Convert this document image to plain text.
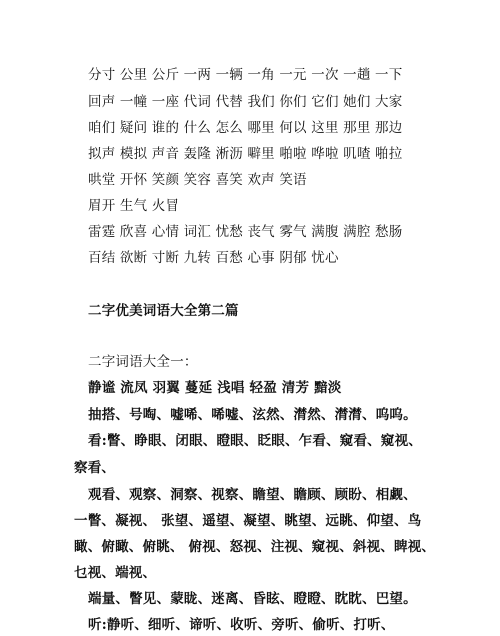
分寸 公里 公斤 一两 一辆 一角 一元 一次 一趟 一下
回声 一幢 一座 代词 代替 我们 你们 它们 她们 大家
咱们 疑问 谁的 什么 怎么 哪里 何以 这里 那里 那边
拟声 模拟 声音 轰隆 淅沥 噼里 啪啦 哗啦 叽喳 啪拉
哄堂 开怀 笑颜 笑容 喜笑 欢声 笑语
眉开 生气 火冒
雷霆 欣喜 心情 词汇 忧愁 丧气 雾气 满腹 满腔 愁肠
百结 欲断 寸断 九转 百愁 心事 阴郁 忧心
二字优美词语大全第二篇
二字词语大全一：
静谧 流凤 羽翼 蔓延 浅唱 轻盈 清芳 黯淡
抽搭、号啕、嘘唏、唏嘘、泫然、潸然、潸潸、呜呜。
看:瞥、睁眼、闭眼、瞪眼、眨眼、乍看、窥看、窥视、
察看、
观看、观察、洞察、视察、瞻望、瞻顾、顾盼、相觑、
一瞥、凝视、 张望、遥望、凝望、眺望、远眺、仰望、鸟
瞰、俯瞰、俯眺、 俯视、怒视、注视、窥视、斜视、睥视、
乜视、端视、
端量、瞥见、蒙眬、迷离、昏眩、瞪瞪、眈眈、巴望。
听:静听、细听、谛听、收听、旁听、偷听、打听、
